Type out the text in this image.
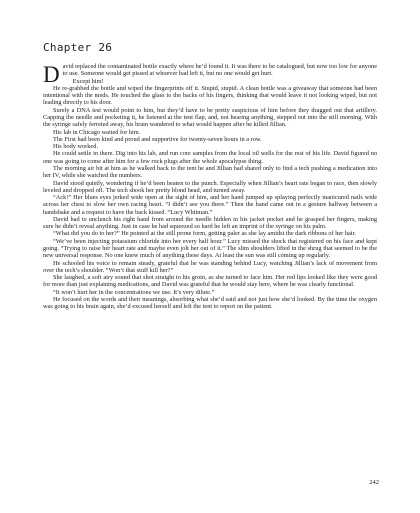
Chapter 26

David replaced the contaminated bottle exactly where he’d found it. It was there to be catalogued, but now too low for anyone to use. Someone would get pissed at whoever had left it, but no one would get hurt.

Except him!

He re-grabbed the bottle and wiped the fingerprints off it. Stupid, stupid. A clean bottle was a giveaway that someone had been intentional with the meds. He touched the glass to the backs of his fingers, thinking that would leave it not looking wiped, but not leading directly to his door.

Surely a DNA test would point to him, but they’d have to be pretty suspicious of him before they dragged out that artillery. Capping the needle and pocketing it, he listened at the tent flap, and, not hearing anything, stepped out into the still morning. With the syringe safely ferreted away, his brain wandered to what would happen after he killed Jillian.

His lab in Chicago waited for him.

The First had been kind and proud and supportive for twenty-seven hours in a row.

His body worked.

He could settle in there. Dig into his lab, and run core samples from the local oil wells for the rest of his life. David figured no one was going to come after him for a few rock plugs after the whole apocalypse thing.

The morning air bit at him as he walked back to the tent he and Jillian had shared only to find a tech pushing a medication into her IV, while she watched the numbers.

David stood quietly, wondering if he’d been beaten to the punch. Especially when Jillian’s heart rate began to race, then slowly leveled and dropped off. The tech shook her pretty blond head, and turned away.

“Ack!” Her blues eyes jerked wide open at the sight of him, and her hand jumped up splaying perfectly manicured nails wide across her chest to slow her own racing heart. “I didn’t see you there.” Then the hand came out in a gesture halfway between a handshake and a request to have the back kissed. “Lucy Whitman.”

David had to unclench his right hand from around the needle hidden in his jacket pocket and he grasped her fingers, making sure he didn’t reveal anything. Just in case he had squeezed so hard he left an imprint of the syringe on his palm.

“What did you do to her?” He pointed at the still prone form, getting paler as she lay amidst the dark ribbons of her hair.

“We’ve been injecting potassium chloride into her every half hour.” Lucy missed the shock that registered on his face and kept going. “Trying to raise her heart rate and maybe even jolt her out of it.” The slim shoulders lifted in the shrug that seemed to be the new universal response. No one knew much of anything these days. At least the sun was still coming up regularly.

He schooled his voice to remain steady, grateful that he was standing behind Lucy, watching Jillian’s lack of movement from over the tech’s shoulder. “Won’t that stuff kill her?”

She laughed, a soft airy sound that shot straight to his groin, as she turned to face him. Her red lips looked like they were good for more than just explaining medications, and David was grateful that he would stay here, where he was clearly functional.

“It won’t hurt her in the concentrations we use. It’s very dilute.”

He focused on the words and their meanings, absorbing what she’d said and not just how she’d looked. By the time the oxygen was going to his brain again, she’d excused herself and left the tent to report on the patient.

242
